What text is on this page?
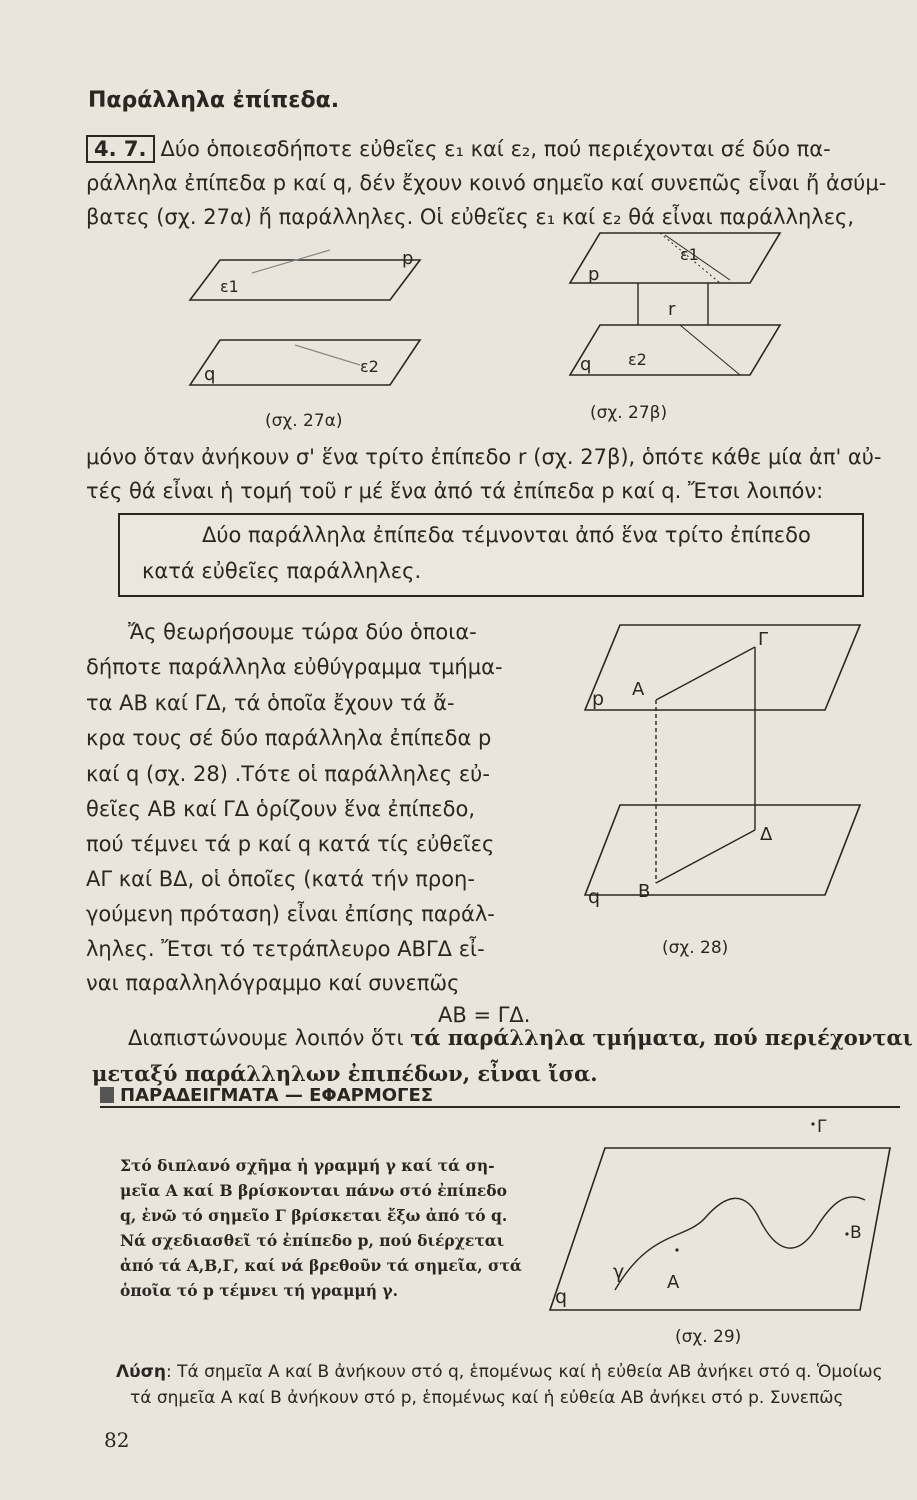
Παράλληλα ἐπίπεδα.
4. 7. Δύο ὁποιεσδήποτε εὐθεῖες ε₁ καί ε₂, πού περιέχονται σέ δύο πα-
ράλληλα ἐπίπεδα p καί q, δέν ἔχουν κοινό σημεῖο καί συνεπῶς εἶναι ἤ ἀσύμ-
βατες (σχ. 27α) ἤ παράλληλες. Οἱ εὐθεῖες ε₁ καί ε₂ θά εἶναι παράλληλες,
p
ε1
q	ε2
(σχ. 27α)
p
ε1
r
q ε2
(σχ. 27β)
μόνο ὅταν ἀνήκουν σ' ἕνα τρίτο ἐπίπεδο r (σχ. 27β), ὁπότε κάθε μία ἀπ' αὐ-
τές θά εἶναι ἡ τομή τοῦ r μέ ἕνα ἀπό τά ἐπίπεδα p καί q. Ἔτσι λοιπόν:
Δύο παράλληλα ἐπίπεδα τέμνονται ἀπό ἕνα τρίτο ἐπίπεδο
κατά εὐθεῖες παράλληλες.
Ἄς θεωρήσουμε τώρα δύο ὁποια-
δήποτε παράλληλα εὐθύγραμμα τμήμα-
τα ΑΒ καί ΓΔ, τά ὁποῖα ἔχουν τά ἄ-
κρα τους σέ δύο παράλληλα ἐπίπεδα p
καί q (σχ. 28) .Τότε οἱ παράλληλες εὐ-
θεῖες ΑΒ καί ΓΔ ὁρίζουν ἕνα ἐπίπεδο,
πού τέμνει τά p καί q κατά τίς εὐθεῖες
ΑΓ καί ΒΔ, οἱ ὁποῖες (κατά τήν προη-
γούμενη πρόταση) εἶναι ἐπίσης παράλ-
ληλες. Ἔτσι τό τετράπλευρο ΑΒΓΔ εἶ-
ναι παραλληλόγραμμο καί συνεπῶς
ΑΒ = ΓΔ.
p Α
Γ
Δ
Β
q
(σχ. 28)
Διαπιστώνουμε λοιπόν ὅτι τά παράλληλα τμήματα, πού περιέχονται
μεταξύ παράλληλων ἐπιπέδων, εἶναι ἴσα.
ΠΑΡΑΔΕΙΓΜΑΤΑ — ΕΦΑΡΜΟΓΕΣ
Στό διπλανό σχῆμα ἡ γραμμή γ καί τά ση-
μεῖα Α καί Β βρίσκονται πάνω στό ἐπίπεδο
q, ἐνῶ τό σημεῖο Γ βρίσκεται ἔξω ἀπό τό q.
Νά σχεδιασθεῖ τό ἐπίπεδο p, πού διέρχεται
ἀπό τά Α,Β,Γ, καί νά βρεθοῦν τά σημεῖα, στά
ὁποῖα τό p τέμνει τή γραμμή γ.
Γ
Β
Α
γ
q
(σχ. 29)
Λύση: Τά σημεῖα Α καί Β ἀνήκουν στό q, ἑπομένως καί ἡ εὐθεία ΑΒ ἀνήκει στό q. Ὁμοίως
τά σημεῖα Α καί Β ἀνήκουν στό p, ἑπομένως καί ἡ εὐθεία ΑΒ ἀνήκει στό p. Συνεπῶς
82
